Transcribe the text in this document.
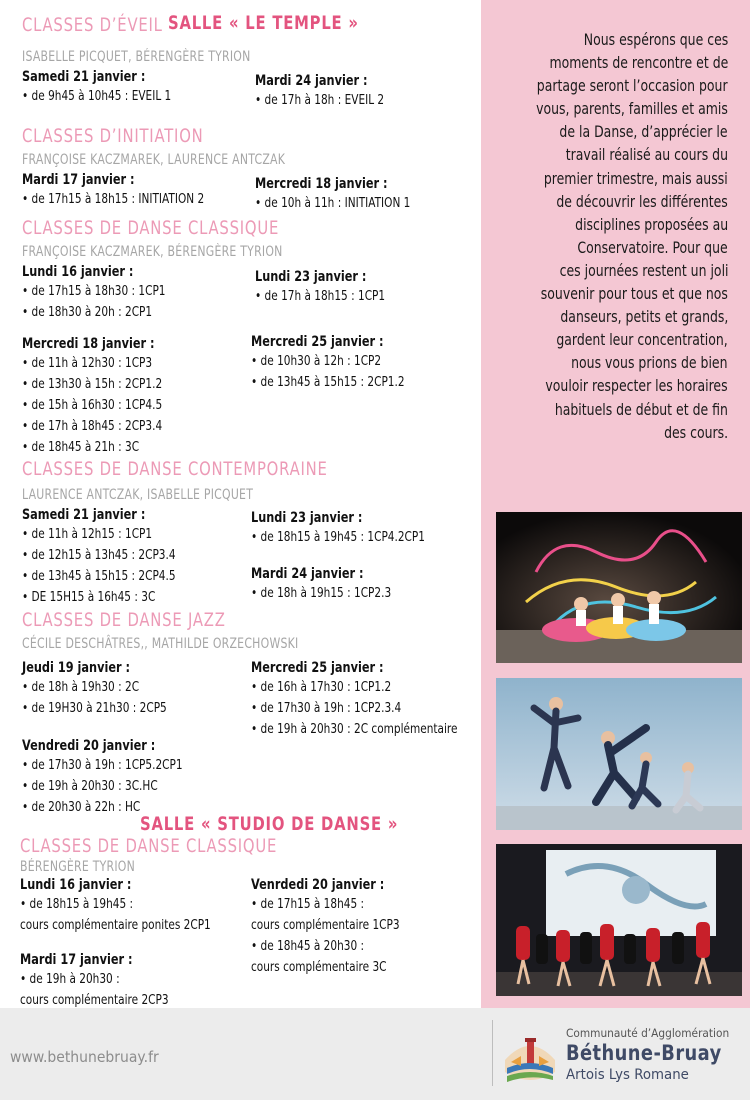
CLASSES D’ÉVEIL SALLE « LE TEMPLE »
ISABELLE PICQUET, BÉRENGÈRE TYRION
Samedi 21 janvier :
• de 9h45 à 10h45 : EVEIL 1
Mardi 24 janvier :
• de 17h à 18h : EVEIL 2
CLASSES D’INITIATION
FRANÇOISE KACZMAREK, LAURENCE ANTCZAK
Mardi 17 janvier :
• de 17h15 à 18h15 : INITIATION 2
Mercredi 18 janvier :
• de 10h à 11h : INITIATION 1
CLASSES DE DANSE CLASSIQUE
FRANÇOISE KACZMAREK, BÉRENGÈRE TYRION
Lundi 16 janvier :
• de 17h15 à 18h30 : 1CP1
• de 18h30 à 20h : 2CP1
Lundi 23 janvier :
• de 17h à 18h15 : 1CP1
Mercredi 18 janvier :
• de 11h à 12h30 : 1CP3
• de 13h30 à 15h : 2CP1.2
• de 15h à 16h30 : 1CP4.5
• de 17h à 18h45 : 2CP3.4
• de 18h45 à 21h : 3C
Mercredi 25 janvier :
• de 10h30 à 12h : 1CP2
• de 13h45 à 15h15 : 2CP1.2
CLASSES DE DANSE CONTEMPORAINE
LAURENCE ANTCZAK, ISABELLE PICQUET
Samedi 21 janvier :
• de 11h à 12h15 : 1CP1
• de 12h15 à 13h45 : 2CP3.4
• de 13h45 à 15h15 : 2CP4.5
• DE 15H15 à 16h45 : 3C
Lundi 23 janvier :
• de 18h15 à 19h45 : 1CP4.2CP1
Mardi 24 janvier :
• de 18h à 19h15 : 1CP2.3
CLASSES DE DANSE JAZZ
CÉCILE DESCHÂTRES,, MATHILDE ORZECHOWSKI
Jeudi 19 janvier :
• de 18h à 19h30 : 2C
• de 19H30 à 21h30 : 2CP5
Mercredi 25 janvier :
• de 16h à 17h30 : 1CP1.2
• de 17h30 à 19h : 1CP2.3.4
• de 19h à 20h30 : 2C complémentaire
Vendredi 20 janvier :
• de 17h30 à 19h : 1CP5.2CP1
• de 19h à 20h30 : 3C.HC
• de 20h30 à 22h : HC
SALLE « STUDIO DE DANSE »
CLASSES DE DANSE CLASSIQUE
BÉRENGÈRE TYRION
Lundi 16 janvier :
• de 18h15 à 19h45 :
cours complémentaire ponites 2CP1
Venrdedi 20 janvier :
• de 17h15 à 18h45 :
cours complémentaire 1CP3
• de 18h45 à 20h30 :
cours complémentaire 3C
Mardi 17 janvier :
• de 19h à 20h30 :
cours complémentaire 2CP3
Nous espérons que ces
moments de rencontre et de
partage seront l’occasion pour
vous, parents, familles et amis
de la Danse, d’apprécier le
travail réalisé au cours du
premier trimestre, mais aussi
de découvrir les différentes
disciplines proposées au
Conservatoire. Pour que
ces journées restent un joli
souvenir pour tous et que nos
danseurs, petits et grands,
gardent leur concentration,
nous vous prions de bien
vouloir respecter les horaires
habituels de début et de fin
des cours.
www.bethunebruay.fr
Communauté d’Agglomération
Béthune-Bruay
Artois Lys Romane
